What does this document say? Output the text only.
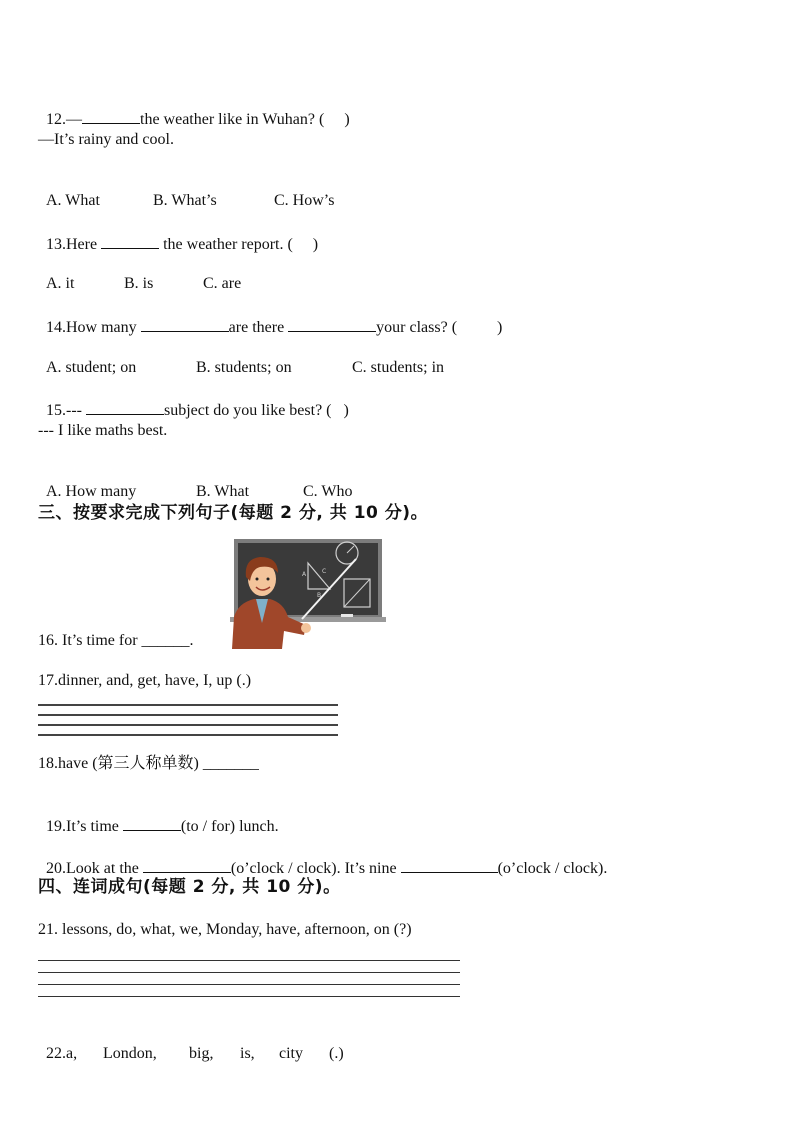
12.—	the weather like in Wuhan? (     )

—It’s rainy and cool.

A. What	B. What’s	C. How’s

13.Here	the weather report. (     )

A. it	B. is	C. are

14.How many	are there	your class? (          )

A. student; on	B. students; on	C. students; in

15.---	subject do you like best? (   )

--- I like maths best.

A. How many	B. What	C. Who

三、按要求完成下列句子(每题 2 分, 共 10 分)。
A
B
C
16. It’s time for ______.
17.dinner, and, get, have, I, up (.)
18.have (第三人称单数) _______

19.It’s time	(to / for) lunch.

20.Look at the	(o’clock / clock). It’s nine	(o’clock / clock).

四、连词成句(每题 2 分, 共 10 分)。
21. lessons, do, what, we, Monday, have, afternoon, on (?)

22.a, London, big, is, city (.)
